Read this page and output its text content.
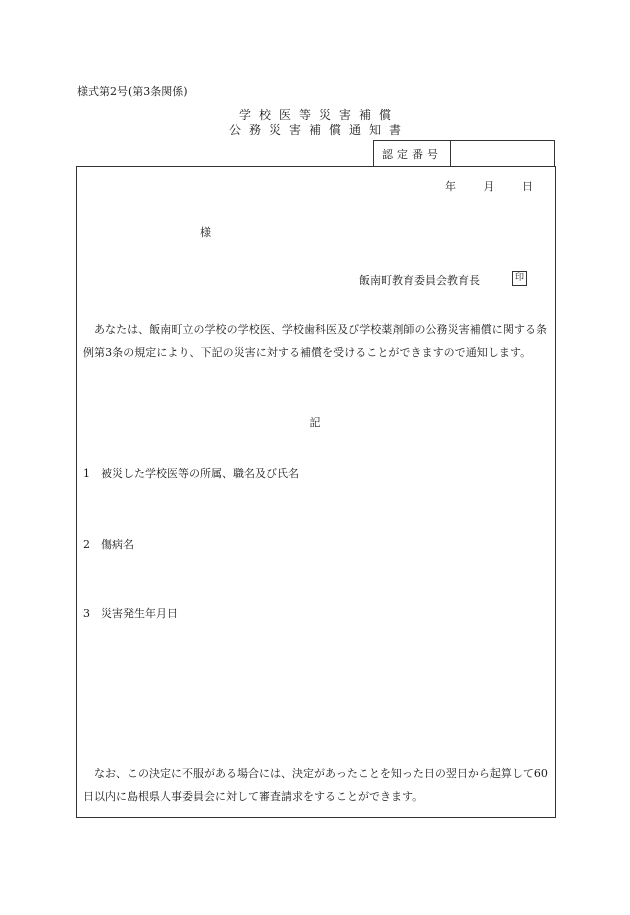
様式第2号(第3条関係)
学校医等災害補償
公務災害補償通知書
認定番号
年	月	日
様
飯南町教育委員会教育長	印
あなたは、飯南町立の学校の学校医、学校歯科医及び学校薬剤師の公務災害補償に関する条例第3条の規定により、下記の災害に対する補償を受けることができますので通知します。
記
1 被災した学校医等の所属、職名及び氏名
2 傷病名
3 災害発生年月日
なお、この決定に不服がある場合には、決定があったことを知った日の翌日から起算して60日以内に島根県人事委員会に対して審査請求をすることができます。
